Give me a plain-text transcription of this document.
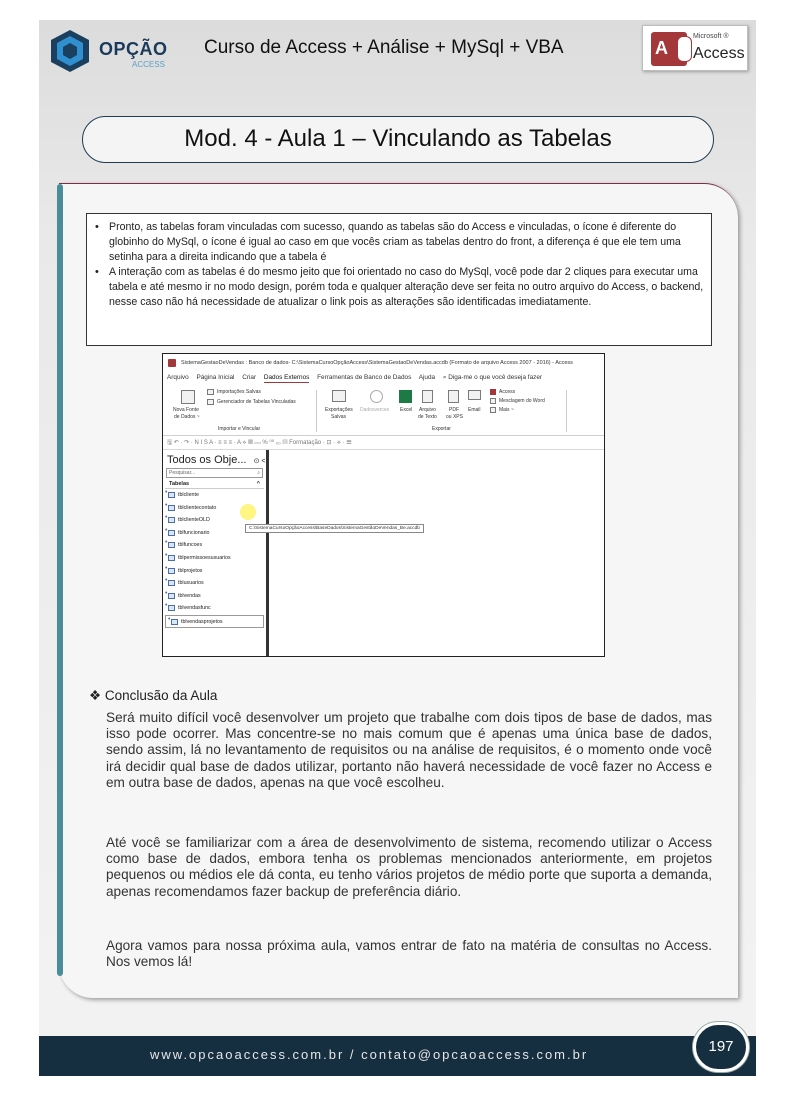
OPÇÃO
ACCESS
Curso de Access + Análise + MySql + VBA	A
Microsoft ®
Access
Mod. 4 - Aula 1 – Vinculando as Tabelas
• Pronto, as tabelas foram vinculadas com sucesso, quando as tabelas são do Access e vinculadas, o ícone é diferente do globinho do MySql, o ícone é igual ao caso em que vocês criam as tabelas dentro do front, a diferença é que ele tem uma setinha para a direita indicando que a tabela é
• A interação com as tabelas é do mesmo jeito que foi orientado no caso do MySql, você pode dar 2 cliques para executar uma tabela e até mesmo ir no modo design, porém toda e qualquer alteração deve ser feita no outro arquivo do Access, o backend, nesse caso não há necessidade de atualizar o link pois as alterações são identificadas imediatamente.
SistemaGestaoDeVendas : Banco de dados- C:\SistemaCursoOpçãoAccess\SistemaGestaoDeVendas.accdb (Formato de arquivo Access 2007 - 2016) - Access
Arquivo Página Inicial Criar Dados Externos Ferramentas de Banco de Dados Ajuda ⌕ Diga-me o que você deseja fazer
Nova Fonte
de Dados ~
Importações Salvas
Gerenciador de Tabelas Vinculadas
Importar e Vincular
Exportações
Salvas
Dadosverces Excel Arquivo
de Texto
PDF
ou XPS
Email
Access
Mesclagem do Word
Mais ~
Exportar
🖫 ↶ · ↷ · N I S A · ≡ ≡ ≡ · A ⟡ ▦ ▭ % ⁰⁰ ₀₀ ▤ Formatação · ⊡ · ⟡ · ☰
Todos os Obje... ⊙ <
Pesquisar...	⌕
Tabelas	^
•
tblcliente
•
tblclientecontato
•
tblclienteOLD
•
tblfuncionario
•
tblfuncoes
•
tblpermissoesusuarios
•
tblprojetos
•
tblusuarios
•
tblvendas
•
tblvendasfunc
•
tblvendasprojetos
C:\SistemaCursoOpçãoAccess\BaseDados\SistemaGestãoDeVendas_Be.accdb
❖ Conclusão da Aula

Será muito difícil você desenvolver um projeto que trabalhe com dois tipos de base de dados, mas isso pode ocorrer. Mas concentre-se no mais comum que é apenas uma única base de dados, sendo assim, lá no levantamento de requisitos ou na análise de requisitos, é o momento onde você irá decidir qual base de dados utilizar, portanto não haverá necessidade de você fazer no Access e em outra base de dados, apenas na que você escolheu.

Até você se familiarizar com a área de desenvolvimento de sistema, recomendo utilizar o Access como base de dados, embora tenha os problemas mencionados anteriormente, em projetos pequenos ou médios ele dá conta, eu tenho vários projetos de médio porte que suporta a demanda, apenas recomendamos fazer backup de preferência diário.

Agora vamos para nossa próxima aula, vamos entrar de fato na matéria de consultas no Access. Nos vemos lá!

www.opcaoaccess.com.br / contato@opcaoaccess.com.br	197
